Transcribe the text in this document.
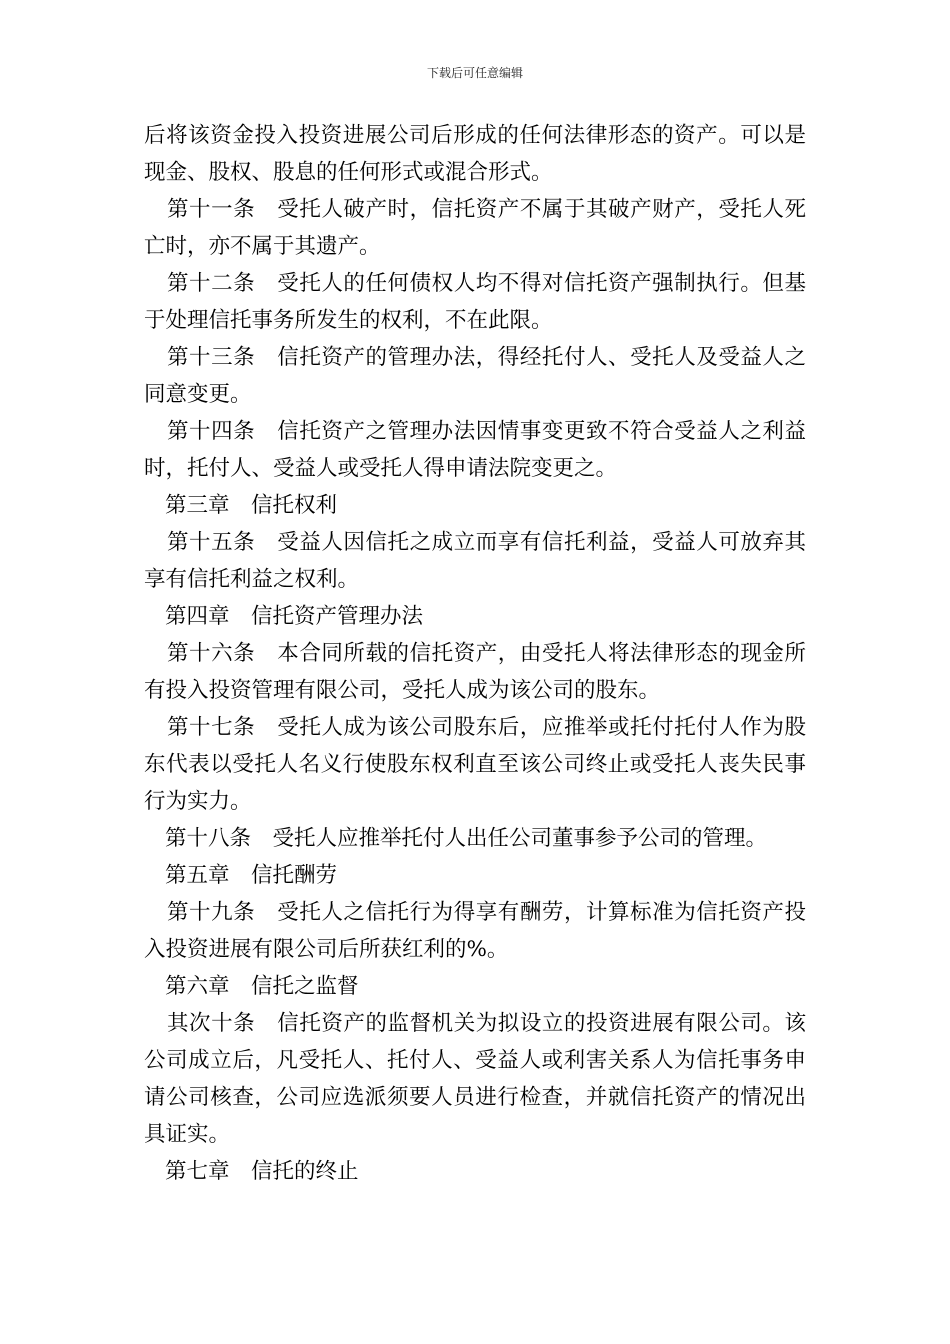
下载后可任意编辑

后将该资金投入投资进展公司后形成的任何法律形态的资产。可以是现金、股权、股息的任何形式或混合形式。

第十一条　受托人破产时，信托资产不属于其破产财产，受托人死亡时，亦不属于其遗产。

第十二条　受托人的任何债权人均不得对信托资产强制执行。但基于处理信托事务所发生的权利，不在此限。

第十三条　信托资产的管理办法，得经托付人、受托人及受益人之同意变更。

第十四条　信托资产之管理办法因情事变更致不符合受益人之利益时，托付人、受益人或受托人得申请法院变更之。

第三章　信托权利

第十五条　受益人因信托之成立而享有信托利益，受益人可放弃其享有信托利益之权利。

第四章　信托资产管理办法

第十六条　本合同所载的信托资产，由受托人将法律形态的现金所有投入投资管理有限公司，受托人成为该公司的股东。

第十七条　受托人成为该公司股东后，应推举或托付托付人作为股东代表以受托人名义行使股东权利直至该公司终止或受托人丧失民事行为实力。

第十八条　受托人应推举托付人出任公司董事参予公司的管理。

第五章　信托酬劳

第十九条　受托人之信托行为得享有酬劳，计算标准为信托资产投入投资进展有限公司后所获红利的%。

第六章　信托之监督

其次十条　信托资产的监督机关为拟设立的投资进展有限公司。该公司成立后，凡受托人、托付人、受益人或利害关系人为信托事务申请公司核查，公司应选派须要人员进行检查，并就信托资产的情况出具证实。

第七章　信托的终止
